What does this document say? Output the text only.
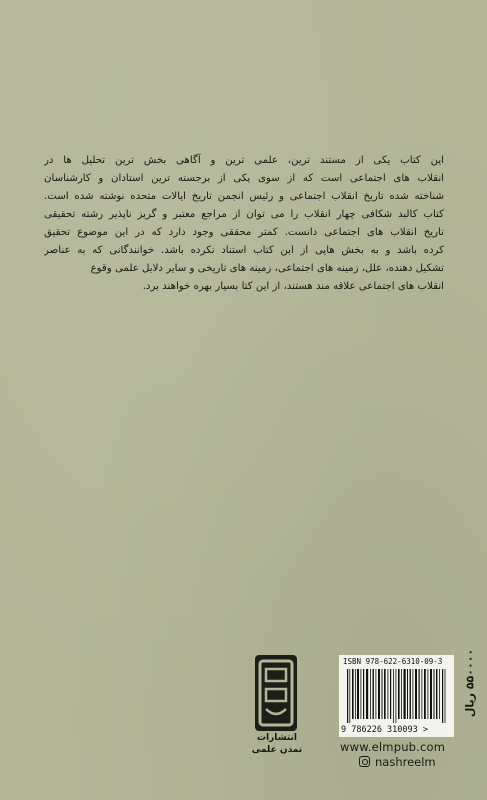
این کتاب یکی از مستند ترین، علمی ترین و آگاهی بخش ترین تحلیل ها در
انقلاب های اجتماعی است که از سوی یکی از برجسته ترین استادان و کارشناسان
شناخته شده تاریخ انقلاب اجتماعی و رئیس انجمن تاریخ ایالات متحده نوشته شده است.
کتاب کالبد شکافی چهار انقلاب را می توان از مراجع معتبر و گریز ناپذیر رشته تحقیقی
تاریخ انقلاب های اجتماعی دانست. کمتر محققی وجود دارد که در این موضوع تحقیق
کرده باشد و به بخش هایی از این کتاب استناد نکرده باشد. خوانندگانی که به عناصر
تشکیل دهنده، علل، زمینه های اجتماعی، زمینه های تاریخی و سایر دلایل علمی وقوع
انقلاب های اجتماعی علاقه مند هستند، از این کتا بسیار بهره خواهند برد.
انتشارات
تمدن علمی
ISBN 978-622-6310-09-3
9 786226 310093 >
۵۵۰۰۰۰ ریال
www.elmpub.com
nashreelm
